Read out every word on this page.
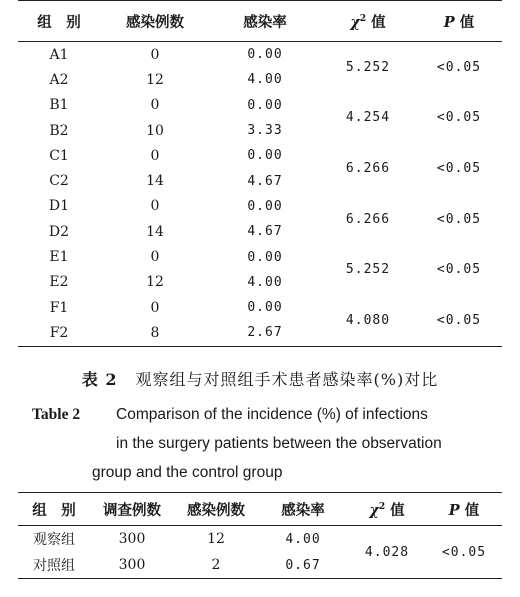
组　别	感染例数	感染率	$\chi^2$ 值	P 值
A1	0	0.00	5.252	<0.05
A2	12	4.00		
B1	0	0.00	4.254	<0.05
B2	10	3.33		
C1	0	0.00	6.266	<0.05
C2	14	4.67		
D1	0	0.00	6.266	<0.05
D2	14	4.67		
E1	0	0.00	5.252	<0.05
E2	12	4.00		
F1	0	0.00	4.080	<0.05
F2	8	2.67		
表 2 观察组与对照组手术患者感染率(%)对比
Table 2 Comparison of the incidence (%) of infections
in the surgery patients between the observation
group and the control group
组　别	调查例数	感染例数	感染率	$\chi^2$ 值	P 值
观察组	300	12	4.00	4.028	<0.05
对照组	300	2	0.67		
